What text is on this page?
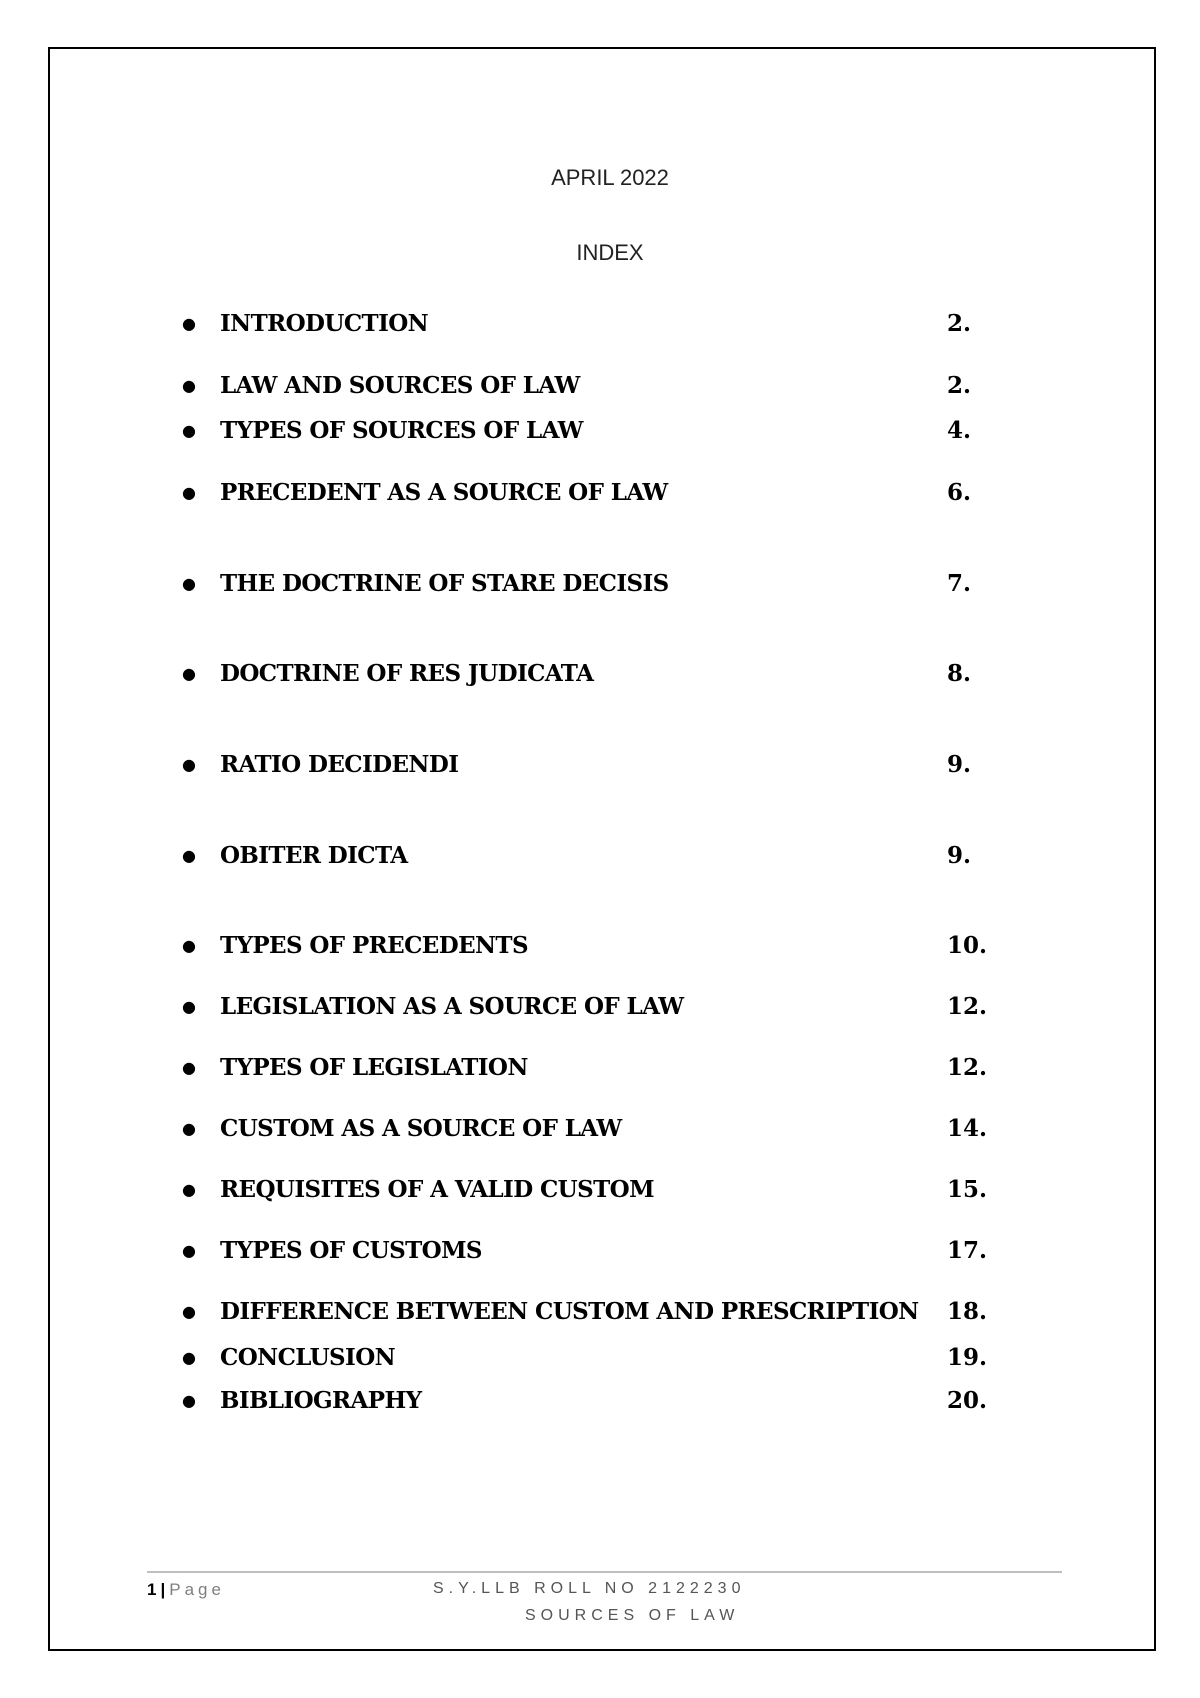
APRIL 2022
INDEX
● INTRODUCTION	2.
● LAW AND SOURCES OF LAW	2.
● TYPES OF SOURCES OF LAW	4.
● PRECEDENT AS A SOURCE OF LAW	6.
● THE DOCTRINE OF STARE DECISIS	7.
● DOCTRINE OF RES JUDICATA	8.
● RATIO DECIDENDI	9.
● OBITER DICTA	9.
● TYPES OF PRECEDENTS	10.
● LEGISLATION AS A SOURCE OF LAW	12.
● TYPES OF LEGISLATION	12.
● CUSTOM AS A SOURCE OF LAW	14.
● REQUISITES OF A VALID CUSTOM	15.
● TYPES OF CUSTOMS	17.
● DIFFERENCE BETWEEN CUSTOM AND PRESCRIPTION 18.
● CONCLUSION	19.
● BIBLIOGRAPHY	20.
1 | Page	S.Y.LLB ROLL NO 2122230
SOURCES OF LAW
